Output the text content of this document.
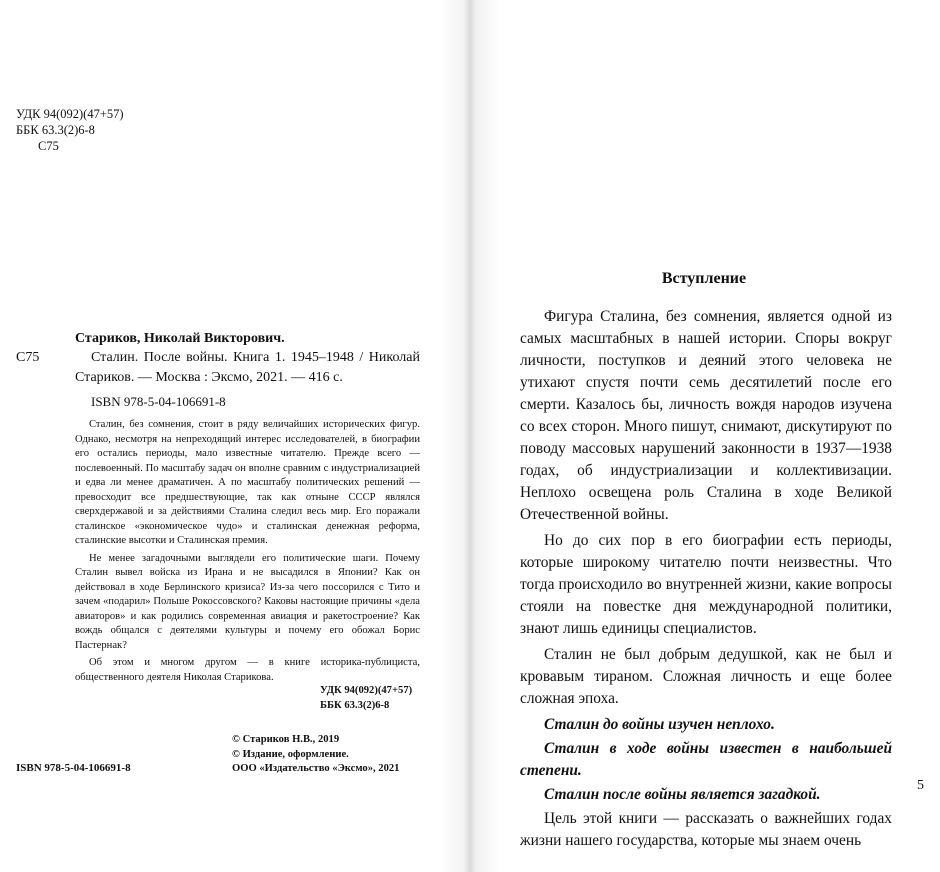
УДК 94(092)(47+57)
ББК 63.3(2)6-8
С75
Стариков, Николай Викторович.
С75	Сталин. После войны. Книга 1. 1945–1948 / Николай Стариков. — Москва : Эксмо, 2021. — 416 с.
ISBN 978-5-04-106691-8

Сталин, без сомнения, стоит в ряду величайших исторических фигур. Однако, несмотря на непреходящий интерес исследователей, в биографии его остались периоды, мало известные читателю. Прежде всего — послевоенный. По масштабу задач он вполне сравним с индустриализацией и едва ли менее драматичен. А по масштабу политических решений — превосходит все предшествующие, так как отныне СССР являлся сверхдержавой и за действиями Сталина следил весь мир. Его поражали сталинское «экономическое чудо» и сталинская денежная реформа, сталинские высотки и Сталинская премия.

Не менее загадочными выглядели его политические шаги. Почему Сталин вывел войска из Ирана и не высадился в Японии? Как он действовал в ходе Берлинского кризиса? Из-за чего поссорился с Тито и зачем «подарил» Польше Рокоссовского? Каковы настоящие причины «дела авиаторов» и как родились современная авиация и ракетостроение? Как вождь общался с деятелями культуры и почему его обожал Борис Пастернак?

Об этом и многом другом — в книге историка-публициста, общественного деятеля Николая Старикова.

УДК 94(092)(47+57)
ББК 63.3(2)6-8
© Стариков Н.В., 2019
© Издание, оформление.
ООО «Издательство «Эксмо», 2021
ISBN 978-5-04-106691-8
Вступление

Фигура Сталина, без сомнения, является одной из самых масштабных в нашей истории. Споры вокруг личности, поступков и деяний этого человека не утихают спустя почти семь десятилетий после его смерти. Казалось бы, личность вождя народов изучена со всех сторон. Много пишут, снимают, дискутируют по поводу массовых нарушений законности в 1937—1938 годах, об индустриализации и коллективизации. Неплохо освещена роль Сталина в ходе Великой Отечественной войны.

Но до сих пор в его биографии есть периоды, которые широкому читателю почти неизвестны. Что тогда происходило во внутренней жизни, какие вопросы стояли на повестке дня международной политики, знают лишь единицы специалистов.

Сталин не был добрым дедушкой, как не был и кровавым тираном. Сложная личность и еще более сложная эпоха.

Сталин до войны изучен неплохо.

Сталин в ходе войны известен в наибольшей степени.

Сталин после войны является загадкой.

Цель этой книги — рассказать о важнейших годах жизни нашего государства, которые мы знаем очень

5
